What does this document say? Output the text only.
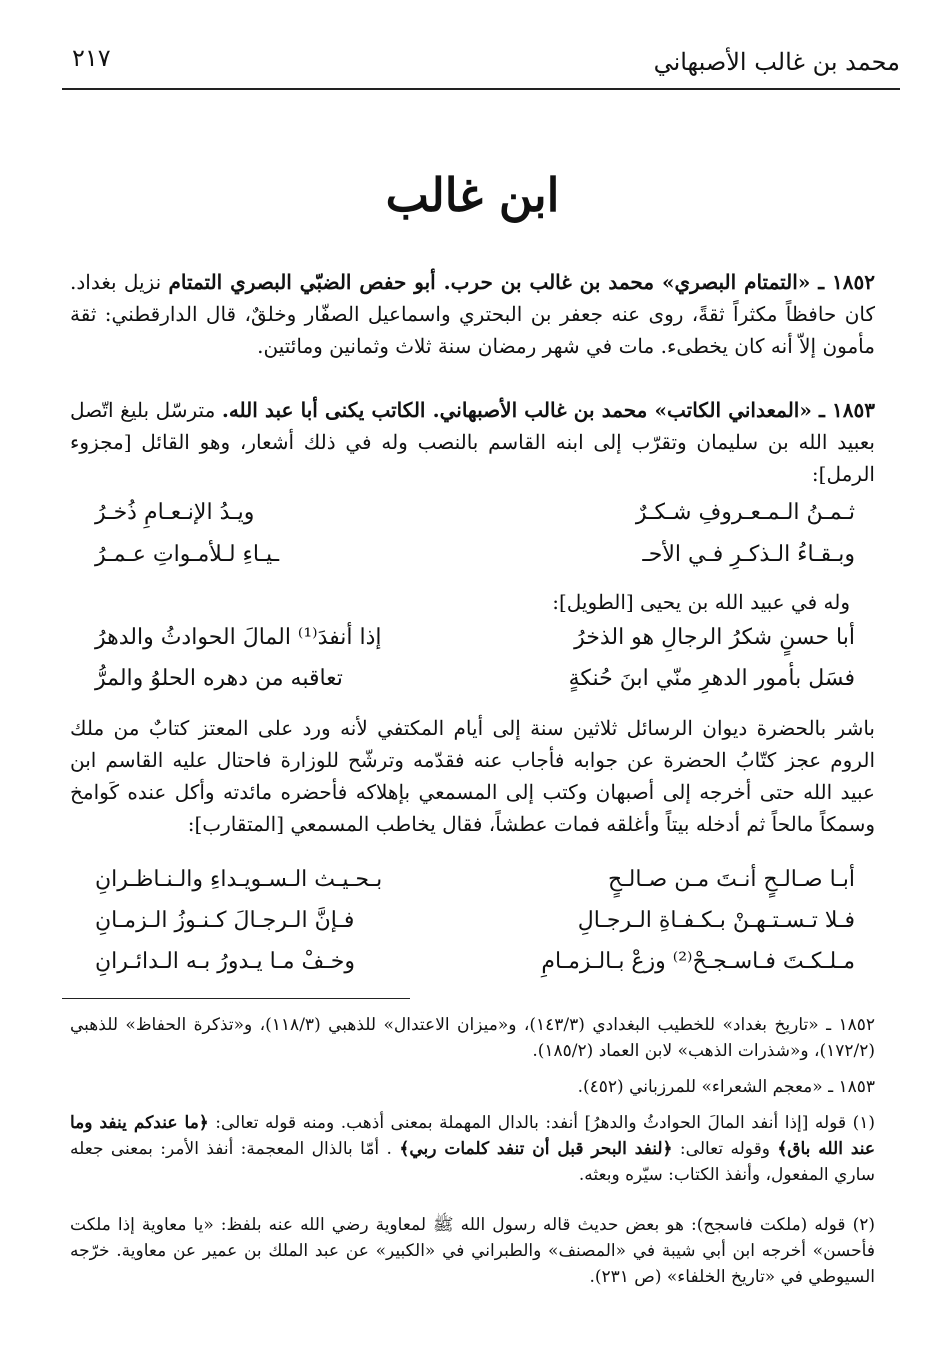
محمد بن غالب الأصبهاني
٢١٧
ابن غالب
١٨٥٢ ـ «التمتام البصري» محمد بن غالب بن حرب. أبو حفص الضبّي البصري التمتام نزيل بغداد. كان حافظاً مكثراً ثقةً، روى عنه جعفر بن البحتري واسماعيل الصفّار وخلقٌ، قال الدارقطني: ثقة مأمون إلاّ أنه كان يخطىء. مات في شهر رمضان سنة ثلاث وثمانين ومائتين.
١٨٥٣ ـ «المعداني الكاتب» محمد بن غالب الأصبهاني. الكاتب يكنى أبا عبد الله. مترسّل بليغ اتّصل بعبيد الله بن سليمان وتقرّب إلى ابنه القاسم بالنصب وله في ذلك أشعار، وهو القائل [مجزوء الرمل]:
ثـمـنُ الـمـعـروفِ شـكـرٌ
ويـدُ الإنـعـامِ ذُخـرُ
وبـقـاءُ الـذكـرِ فـي الأحـ
ـيـاءِ لـلأمـواتِ عـمـرُ
وله في عبيد الله بن يحيى [الطويل]:
أبا حسنٍ شكرُ الرجالِ هو الذخرُ
إذا أنفدَ⁽¹⁾ المالَ الحوادثُ والدهرُ
فسَل بأمور الدهرِ منّي ابنَ حُنكةٍ
تعاقبه من دهره الحلوُ والمرُّ
باشر بالحضرة ديوان الرسائل ثلاثين سنة إلى أيام المكتفي لأنه ورد على المعتز كتابٌ من ملك الروم عجز كتّابُ الحضرة عن جوابه فأجاب عنه فقدّمه وترشّح للوزارة فاحتال عليه القاسم ابن عبيد الله حتى أخرجه إلى أصبهان وكتب إلى المسمعي بإهلاكه فأحضره مائدته وأكل عنده كَوامخ وسمكاً مالحاً ثم أدخله بيتاً وأغلقه فمات عطشاً، فقال يخاطب المسمعي [المتقارب]:
أبـا صـالـحٍ أنـتَ مـن صـالـحٍ
بـحـيـث الـسـويـداءِ والـنـاظـرانِ
فـلا تـسـتـهـنْ بـكـفـاةِ الـرجـالِ
فـإنَّ الـرجـالَ كـنـوزُ الـزمـانِ
مـلـكـتَ فـاسـجـحْ⁽²⁾ وزعْ بـالـزمـامِ
وخـفْ مـا يـدورُ بـه الـدائـرانِ
١٨٥٢ ـ «تاريخ بغداد» للخطيب البغدادي (١٤٣/٣)، و«ميزان الاعتدال» للذهبي (١١٨/٣)، و«تذكرة الحفاظ» للذهبي (١٧٢/٢)، و«شذرات الذهب» لابن العماد (١٨٥/٢).
١٨٥٣ ـ «معجم الشعراء» للمرزباني (٤٥٢).
(١) قوله [إذا أنفد المالَ الحوادثُ والدهرُ] أنفد: بالدال المهملة بمعنى أذهب. ومنه قوله تعالى: ﴿ما عندكم ينفد وما عند الله باق﴾ وقوله تعالى: ﴿لنفد البحر قبل أن تنفد كلمات ربي﴾ . أمّا بالذال المعجمة: أنفذ الأمر: بمعنى جعله ساري المفعول، وأنفذ الكتاب: سيّره وبعثه.
(٢) قوله (ملكت فاسجح): هو بعض حديث قاله رسول الله ﷺ لمعاوية رضي الله عنه بلفظ: «يا معاوية إذا ملكت فأحسن» أخرجه ابن أبي شيبة في «المصنف» والطبراني في «الكبير» عن عبد الملك بن عمير عن معاوية. خرّجه السيوطي في «تاريخ الخلفاء» (ص ٢٣١).
